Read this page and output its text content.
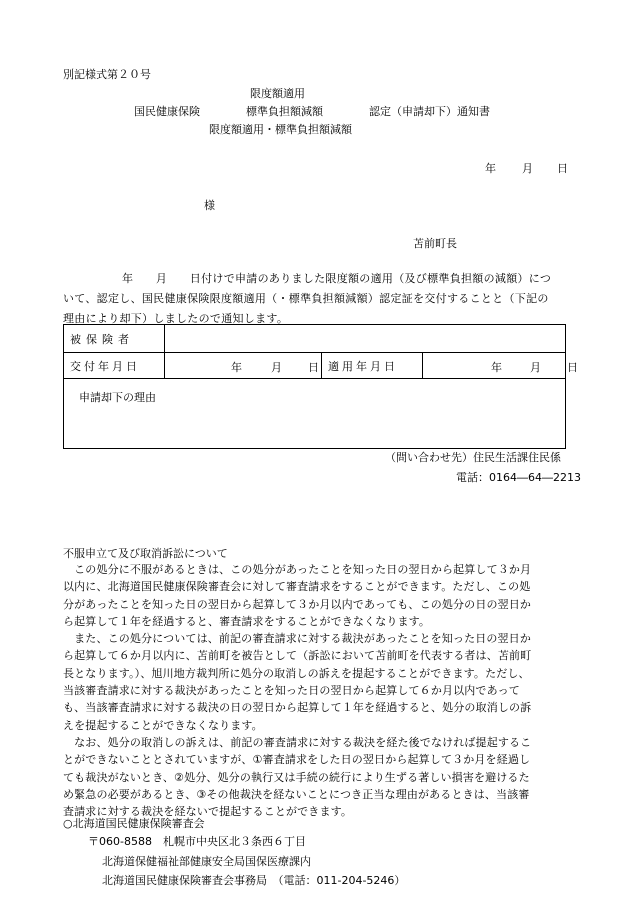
別記様式第２０号
限度額適用
国民健康保険	標準負担額減額	認定（申請却下）通知書
限度額適用・標準負担額減額
年 月 日
様
苫前町長
年　　月　　日付けで申請のありました限度額の適用（及び標準負担額の減額）につ
いて、認定し、国民健康保険限度額適用（・標準負担額減額）認定証を交付することと（下記の
理由により却下）しましたので通知します。
被保険者			
交付年月日	年 月 日	適用年月日	年 月 日

申請却下の理由			
（問い合わせ先）住民生活課住民係
電話：0164―64―2213
不服申立て及び取消訴訟について

　この処分に不服があるときは、この処分があったことを知った日の翌日から起算して３か月

以内に、北海道国民健康保険審査会に対して審査請求をすることができます。ただし、この処

分があったことを知った日の翌日から起算して３か月以内であっても、この処分の日の翌日か

ら起算して１年を経過すると、審査請求をすることができなくなります。

　また、この処分については、前記の審査請求に対する裁決があったことを知った日の翌日か

ら起算して６か月以内に、苫前町を被告として（訴訟において苫前町を代表する者は、苫前町

長となります。）、旭川地方裁判所に処分の取消しの訴えを提起することができます。ただし、

当該審査請求に対する裁決があったことを知った日の翌日から起算して６か月以内であって

も、当該審査請求に対する裁決の日の翌日から起算して１年を経過すると、処分の取消しの訴

えを提起することができなくなります。

　なお、処分の取消しの訴えは、前記の審査請求に対する裁決を経た後でなければ提起するこ

とができないこととされていますが、①審査請求をした日の翌日から起算して３か月を経過し

ても裁決がないとき、②処分、処分の執行又は手続の続行により生ずる著しい損害を避けるた

め緊急の必要があるとき、③その他裁決を経ないことにつき正当な理由があるときは、当該審

査請求に対する裁決を経ないで提起することができます。

○北海道国民健康保険審査会
〒060-8588　札幌市中央区北３条西６丁目
北海道保健福祉部健康安全局国保医療課内
北海道国民健康保険審査会事務局　（電話：011-204-5246）
